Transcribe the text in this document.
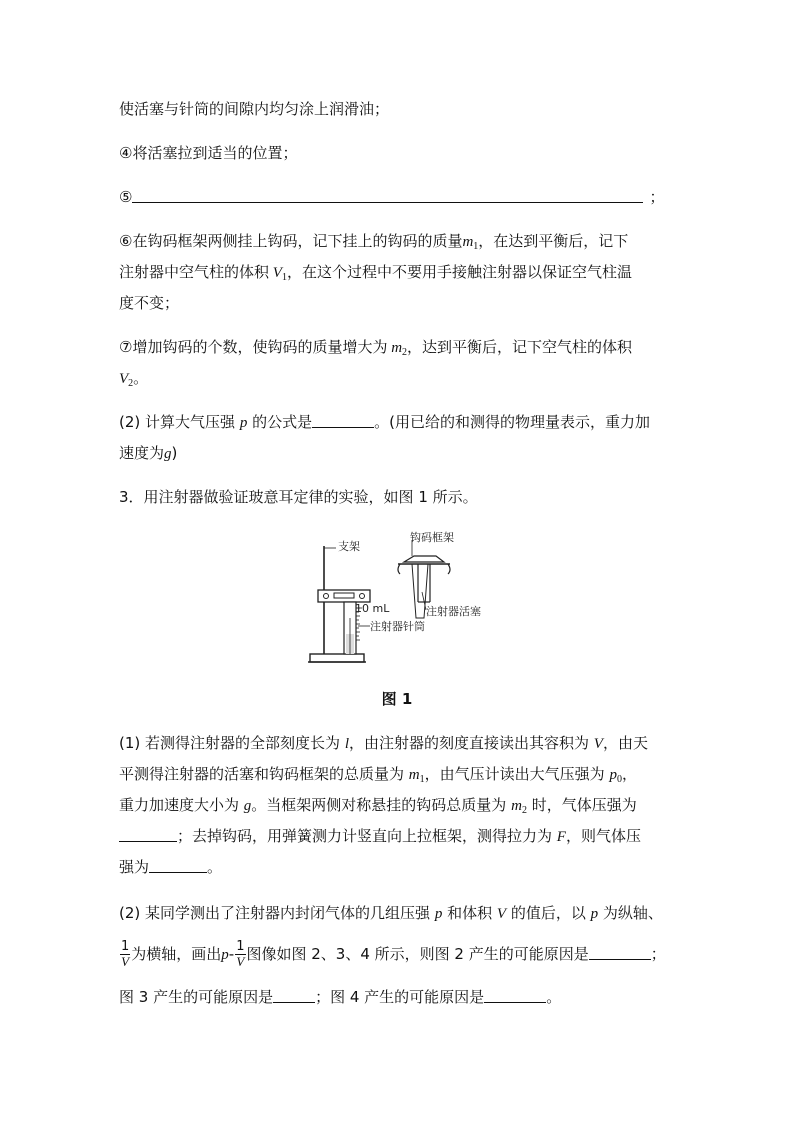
使活塞与针筒的间隙内均匀涂上润滑油；
④将活塞拉到适当的位置；
⑤	；
⑥在钩码框架两侧挂上钩码，记下挂上的钩码的质量$m_1$，在达到平衡后，记下
注射器中空气柱的体积 $V_1$，在这个过程中不要用手接触注射器以保证空气柱温
度不变；
⑦增加钩码的个数，使钩码的质量增大为 $m_2$，达到平衡后，记下空气柱的体积
$V_2$。
(2) 计算大气压强 p 的公式是	。(用已给的和测得的物理量表示，重力加
速度为g)
3．用注射器做验证玻意耳定律的实验，如图 1 所示。
支架
钩码框架
10 mL	注射器活塞
注射器针筒
图 1
(1) 若测得注射器的全部刻度长为 l，由注射器的刻度直接读出其容积为 V，由天
平测得注射器的活塞和钩码框架的总质量为 $m_1$，由气压计读出大气压强为 $p_0$，
重力加速度大小为 g。当框架两侧对称悬挂的钩码总质量为 $m_2$ 时，气体压强为
；去掉钩码，用弹簧测力计竖直向上拉框架，测得拉力为 F，则气体压
强为	。
(2) 某同学测出了注射器内封闭气体的几组压强 p 和体积 V 的值后，以 p 为纵轴、
$\frac{1}{V}$ 为横轴，画出$p- \frac{1}{V}$ 图像如图 2、3、4 所示，则图 2 产生的可能原因是	；
图 3 产生的可能原因是	；图 4 产生的可能原因是	。
